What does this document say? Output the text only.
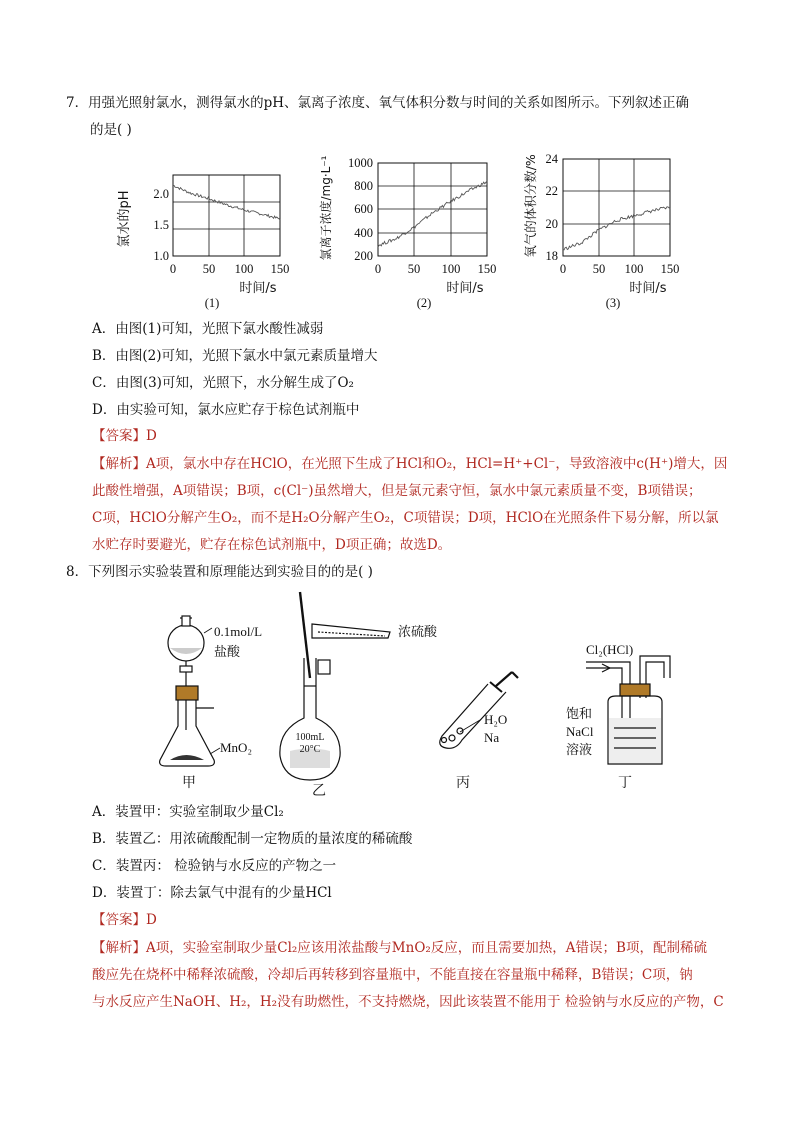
7．用强光照射氯水，测得氯水的pH、氯离子浓度、氧气体积分数与时间的关系如图所示。下列叙述正确
的是( )
氯水的pH 2.0
1.5
1.0
0 50 100 150
时间/s
(1)
氯离子浓度/mg·L⁻¹ 1000
800
600
400
200
0 50 100 150
时间/s
(2)
氧气的体积分数/% 24
22
20
18
0 50 100 150
时间/s
(3)
A．由图(1)可知，光照下氯水酸性减弱
B．由图(2)可知，光照下氯水中氯元素质量增大
C．由图(3)可知，光照下，水分解生成了O₂
D．由实验可知，氯水应贮存于棕色试剂瓶中
【答案】D
【解析】A项，氯水中存在HClO，在光照下生成了HCl和O₂，HCl=H⁺+Cl⁻，导致溶液中c(H⁺)增大，因
此酸性增强，A项错误；B项，c(Cl⁻)虽然增大，但是氯元素守恒，氯水中氯元素质量不变，B项错误；
C项，HClO分解产生O₂，而不是H₂O分解产生O₂，C项错误；D项，HClO在光照条件下易分解，所以氯
水贮存时要避光，贮存在棕色试剂瓶中，D项正确；故选D。
8．下列图示实验装置和原理能达到实验目的的是( )
0.1mol/L
盐酸
MnO₂
甲
浓硫酸
100mL
20°C
乙
H₂O
Na
丙
Cl₂(HCl)
饱和
NaCl
溶液
丁
A．装置甲：实验室制取少量Cl₂
B．装置乙：用浓硫酸配制一定物质的量浓度的稀硫酸
C．装置丙： 检验钠与水反应的产物之一
D．装置丁：除去氯气中混有的少量HCl
【答案】D
【解析】A项，实验室制取少量Cl₂应该用浓盐酸与MnO₂反应，而且需要加热，A错误；B项，配制稀硫
酸应先在烧杯中稀释浓硫酸，冷却后再转移到容量瓶中，不能直接在容量瓶中稀释，B错误；C项，钠
与水反应产生NaOH、H₂，H₂没有助燃性，不支持燃烧，因此该装置不能用于 检验钠与水反应的产物，C
